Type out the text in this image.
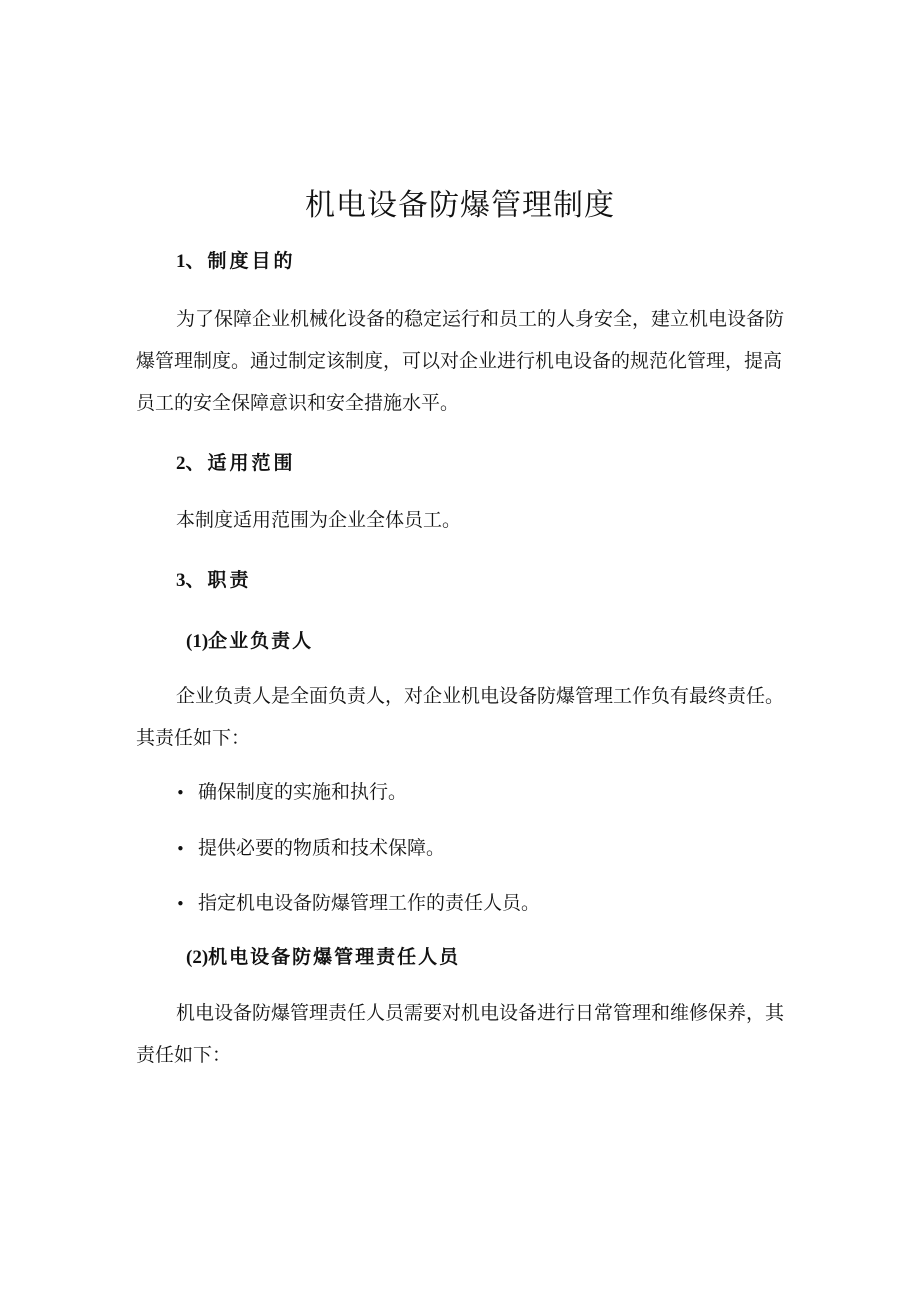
机电设备防爆管理制度
1、制度目的

为了保障企业机械化设备的稳定运行和员工的人身安全，建立机电设备防爆管理制度。通过制定该制度，可以对企业进行机电设备的规范化管理，提高员工的安全保障意识和安全措施水平。

2、适用范围

本制度适用范围为企业全体员工。

3、职责
(1)企业负责人

企业负责人是全面负责人，对企业机电设备防爆管理工作负有最终责任。其责任如下：

• 确保制度的实施和执行。
• 提供必要的物质和技术保障。
• 指定机电设备防爆管理工作的责任人员。
(2)机电设备防爆管理责任人员

机电设备防爆管理责任人员需要对机电设备进行日常管理和维修保养，其责任如下：
